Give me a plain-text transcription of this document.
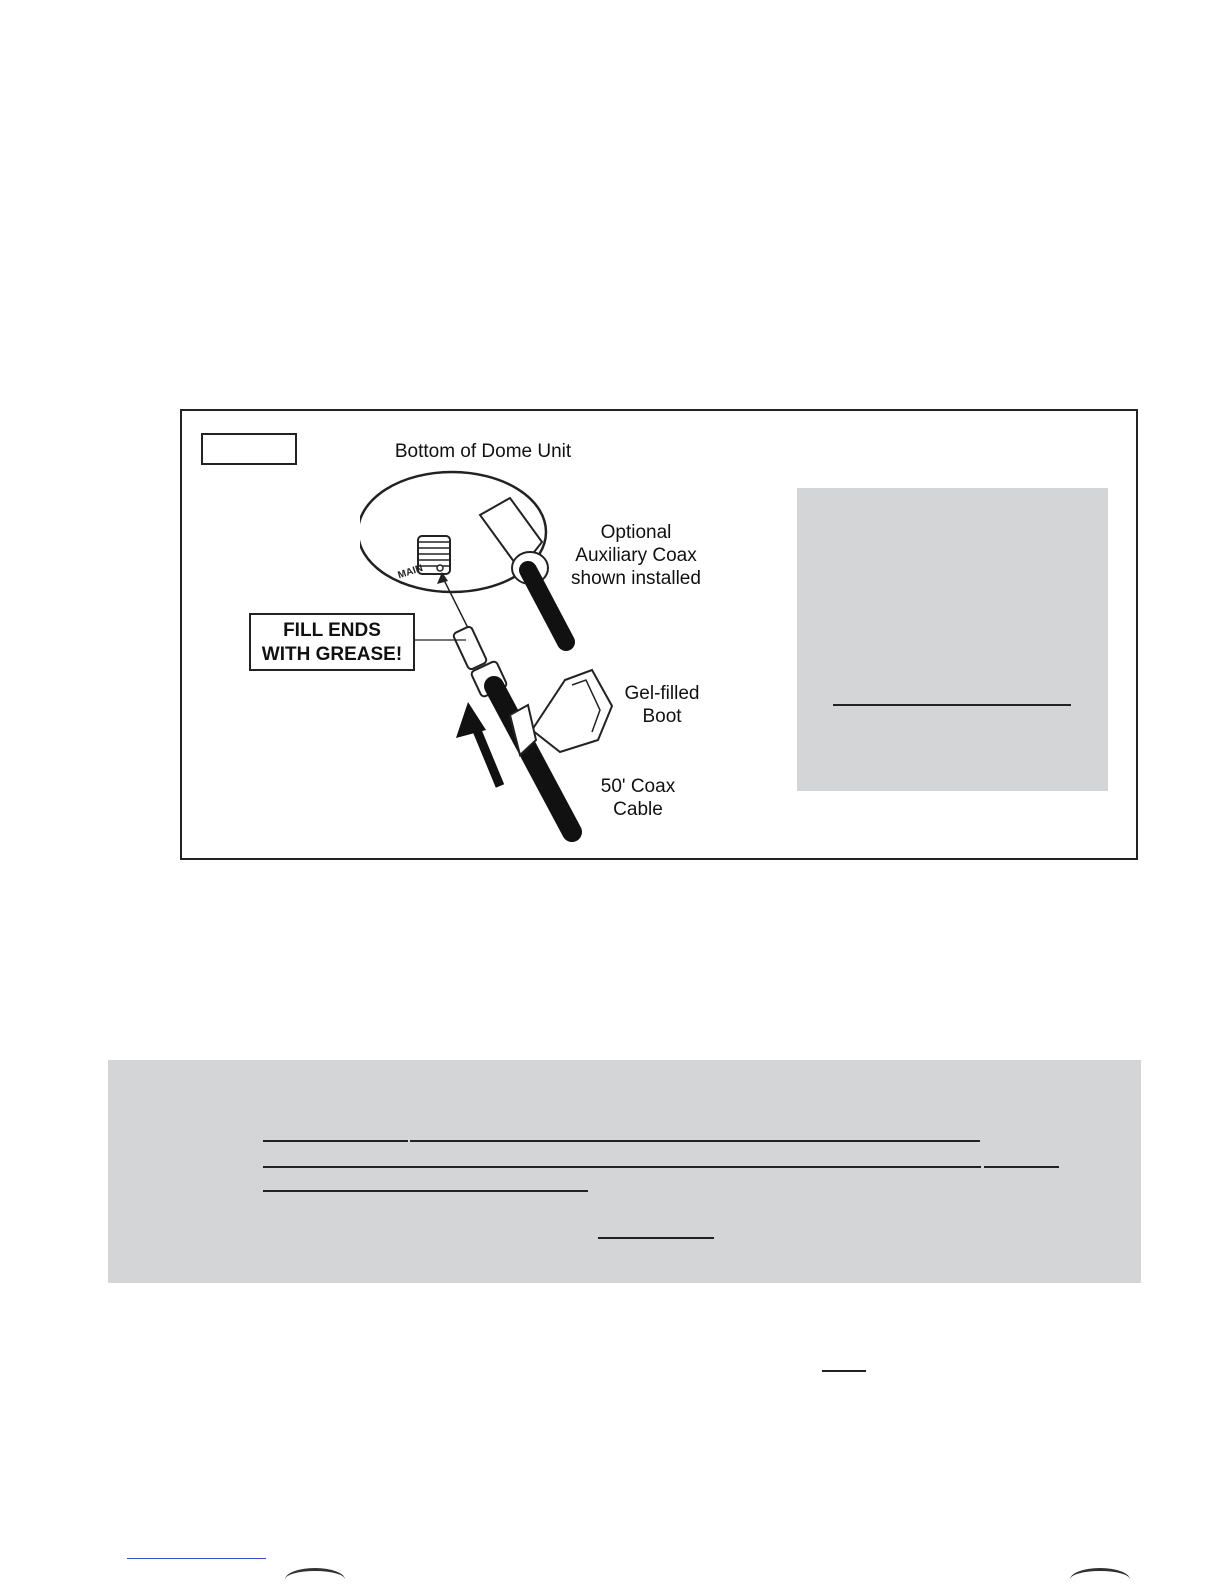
Bottom of Dome Unit
Optional
Auxiliary Coax
shown installed
Gel-filled
Boot
50' Coax
Cable
MAIN
FILL ENDS
WITH GREASE!
